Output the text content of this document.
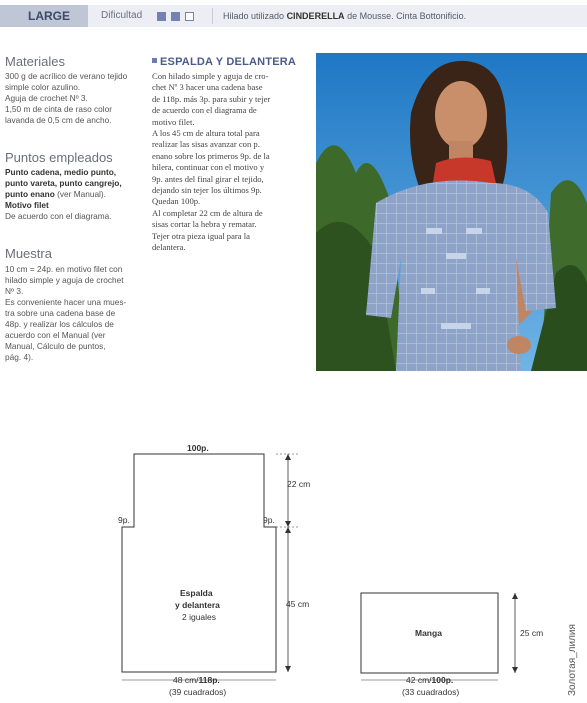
LARGE	Dificultad	Hilado utilizado CINDERELLA de Mousse. Cinta Bottonificio.
Materiales
300 g de acrílico de verano tejido
simple color azulino.
Aguja de crochet Nº 3.
1,50 m de cinta de raso color
lavanda de 0,5 cm de ancho.
Puntos empleados
Punto cadena, medio punto,
punto vareta, punto cangrejo,
punto enano (ver Manual).
Motivo filet
De acuerdo con el diagrama.
Muestra
10 cm = 24p. en motivo filet con
hilado simple y aguja de crochet
Nº 3.
Es conveniente hacer una mues-
tra sobre una cadena base de
48p. y realizar los cálculos de
acuerdo con el Manual (ver
Manual, Cálculo de puntos,
pág. 4).
ESPALDA Y DELANTERA
Con hilado simple y aguja de cro-
chet Nº 3 hacer una cadena base
de 118p. más 3p. para subir y tejer
de acuerdo con el diagrama de
motivo filet.
A los 45 cm de altura total para
realizar las sisas avanzar con p.
enano sobre los primeros 9p. de la
hilera, continuar con el motivo y
9p. antes del final girar el tejido,
dejando sin tejer los últimos 9p.
Quedan 100p.
Al completar 22 cm de altura de
sisas cortar la hebra y rematar.
Tejer otra pieza igual para la
delantera.
100p.
22 cm
9p.	9p.
45 cm
Espalda
y delantera
2 iguales
48 cm/118p.
(39 cuadrados)
Manga	25 cm
42 cm/100p.
(33 cuadrados)	Золотая_лилия
